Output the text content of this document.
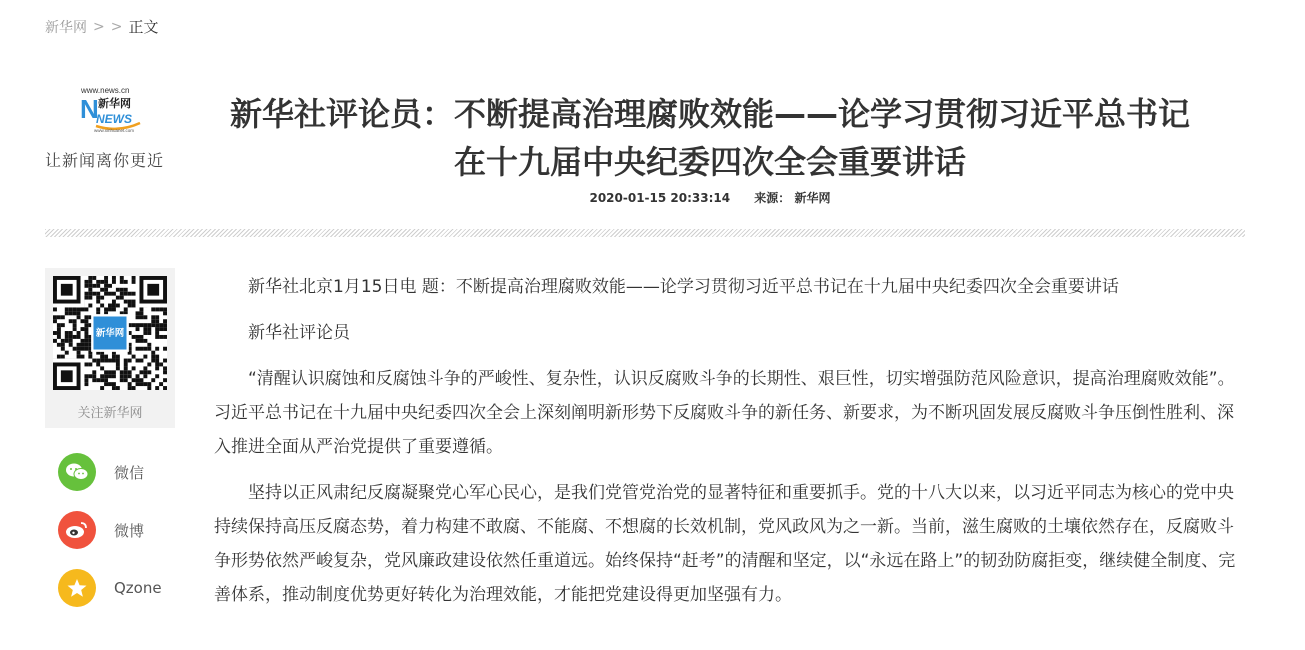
新华网 > > 正文
www.news.cn
N 新华网
NEWS
www.xinhuanet.com
让新闻离你更近
新华社评论员：不断提高治理腐败效能——论学习贯彻习近平总书记
在十九届中央纪委四次全会重要讲话
2020-01-15 20:33:14 来源： 新华网
新华网
关注新华网
微信
微博
Qzone

新华社北京1月15日电 题：不断提高治理腐败效能——论学习贯彻习近平总书记在十九届中央纪委四次全会重要讲话

新华社评论员

“清醒认识腐蚀和反腐蚀斗争的严峻性、复杂性，认识反腐败斗争的长期性、艰巨性，切实增强防范风险意识，提高治理腐败效能”。习近平总书记在十九届中央纪委四次全会上深刻阐明新形势下反腐败斗争的新任务、新要求，为不断巩固发展反腐败斗争压倒性胜利、深入推进全面从严治党提供了重要遵循。

坚持以正风肃纪反腐凝聚党心军心民心，是我们党管党治党的显著特征和重要抓手。党的十八大以来，以习近平同志为核心的党中央持续保持高压反腐态势，着力构建不敢腐、不能腐、不想腐的长效机制，党风政风为之一新。当前，滋生腐败的土壤依然存在，反腐败斗争形势依然严峻复杂，党风廉政建设依然任重道远。始终保持“赶考”的清醒和坚定，以“永远在路上”的韧劲防腐拒变，继续健全制度、完善体系，推动制度优势更好转化为治理效能，才能把党建设得更加坚强有力。
